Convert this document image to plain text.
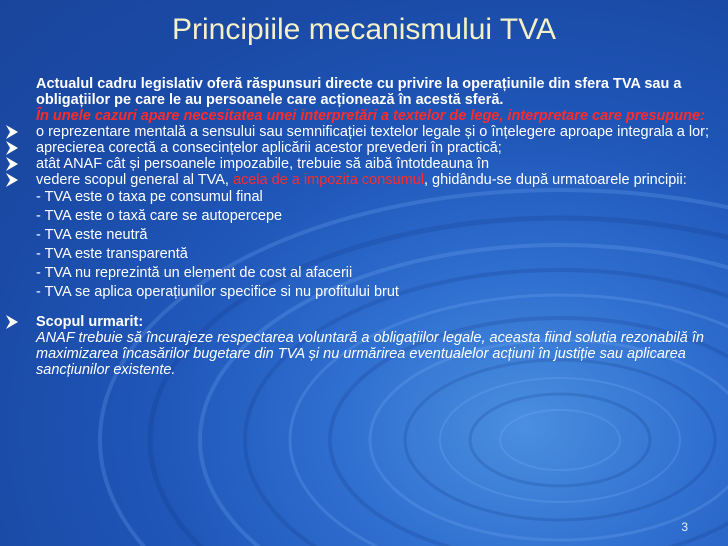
Principiile mecanismului TVA

Actualul cadru legislativ oferă răspunsuri directe cu privire la operațiunile din sfera TVA sau a obligațiilor pe care le au persoanele care acționează în acestă sferă.

În unele cazuri apare necesitatea unei interpretări a textelor de lege, interpretare care presupune:

o reprezentare mentală a sensului sau semnificației textelor legale și o înțelegere aproape integrala a lor;
aprecierea corectă a consecințelor aplicării acestor prevederi în practică;
atât ANAF cât și persoanele impozabile, trebuie să aibă întotdeauna în
vedere scopul general al TVA, acela de a impozita consumul, ghidându-se după urmatoarele principii:
- TVA este o taxa pe consumul final
- TVA este o taxă care se autopercepe
- TVA este neutră
- TVA este transparentă
- TVA nu reprezintă un element de cost al afacerii
- TVA se aplica operațiunilor specifice si nu profitului brut
Scopul urmarit:

ANAF trebuie să încurajeze respectarea voluntară a obligațiilor legale, aceasta fiind solutia rezonabilă în maximizarea încasărilor bugetare din TVA și nu urmărirea eventualelor acțiuni în justiție sau aplicarea sancțiunilor existente.

3
